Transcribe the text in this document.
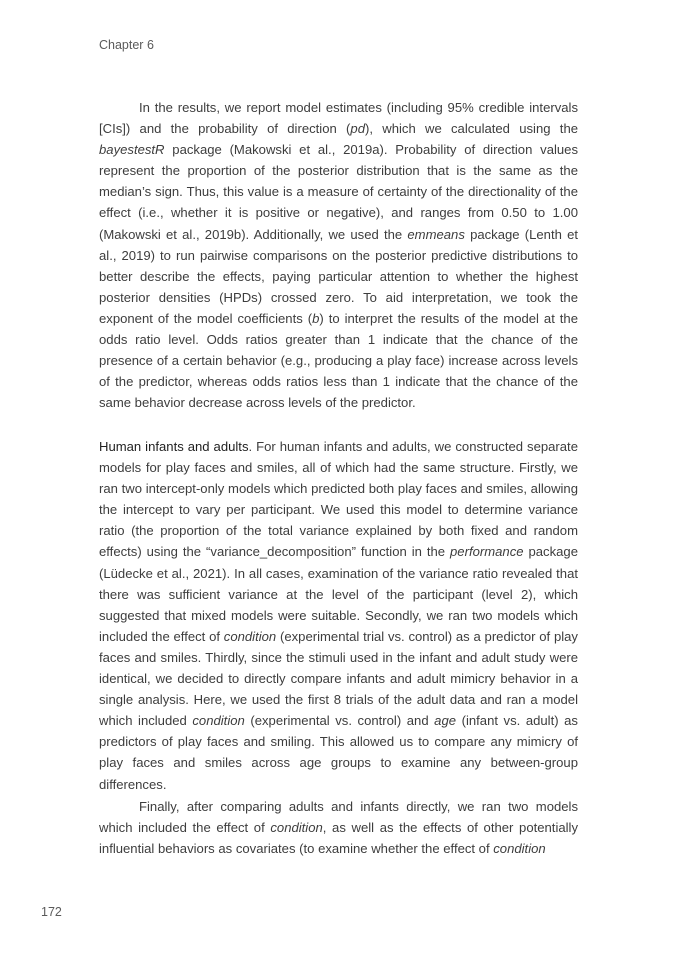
Chapter 6

In the results, we report model estimates (including 95% credible intervals [CIs]) and the probability of direction (pd), which we calculated using the bayestestR package (Makowski et al., 2019a). Probability of direction values represent the proportion of the posterior distribution that is the same as the median’s sign. Thus, this value is a measure of certainty of the directionality of the effect (i.e., whether it is positive or negative), and ranges from 0.50 to 1.00 (Makowski et al., 2019b). Additionally, we used the emmeans package (Lenth et al., 2019) to run pairwise comparisons on the posterior predictive distributions to better describe the effects, paying particular attention to whether the highest posterior densities (HPDs) crossed zero. To aid interpretation, we took the exponent of the model coefficients (b) to interpret the results of the model at the odds ratio level. Odds ratios greater than 1 indicate that the chance of the presence of a certain behavior (e.g., producing a play face) increase across levels of the predictor, whereas odds ratios less than 1 indicate that the chance of the same behavior decrease across levels of the predictor.

Human infants and adults. For human infants and adults, we constructed separate models for play faces and smiles, all of which had the same structure. Firstly, we ran two intercept-only models which predicted both play faces and smiles, allowing the intercept to vary per participant. We used this model to determine variance ratio (the proportion of the total variance explained by both fixed and random effects) using the “variance_decomposition” function in the performance package (Lüdecke et al., 2021). In all cases, examination of the variance ratio revealed that there was sufficient variance at the level of the participant (level 2), which suggested that mixed models were suitable. Secondly, we ran two models which included the effect of condition (experimental trial vs. control) as a predictor of play faces and smiles. Thirdly, since the stimuli used in the infant and adult study were identical, we decided to directly compare infants and adult mimicry behavior in a single analysis. Here, we used the first 8 trials of the adult data and ran a model which included condition (experimental vs. control) and age (infant vs. adult) as predictors of play faces and smiling. This allowed us to compare any mimicry of play faces and smiles across age groups to examine any between-group differences.

Finally, after comparing adults and infants directly, we ran two models which included the effect of condition, as well as the effects of other potentially influential behaviors as covariates (to examine whether the effect of condition

172
